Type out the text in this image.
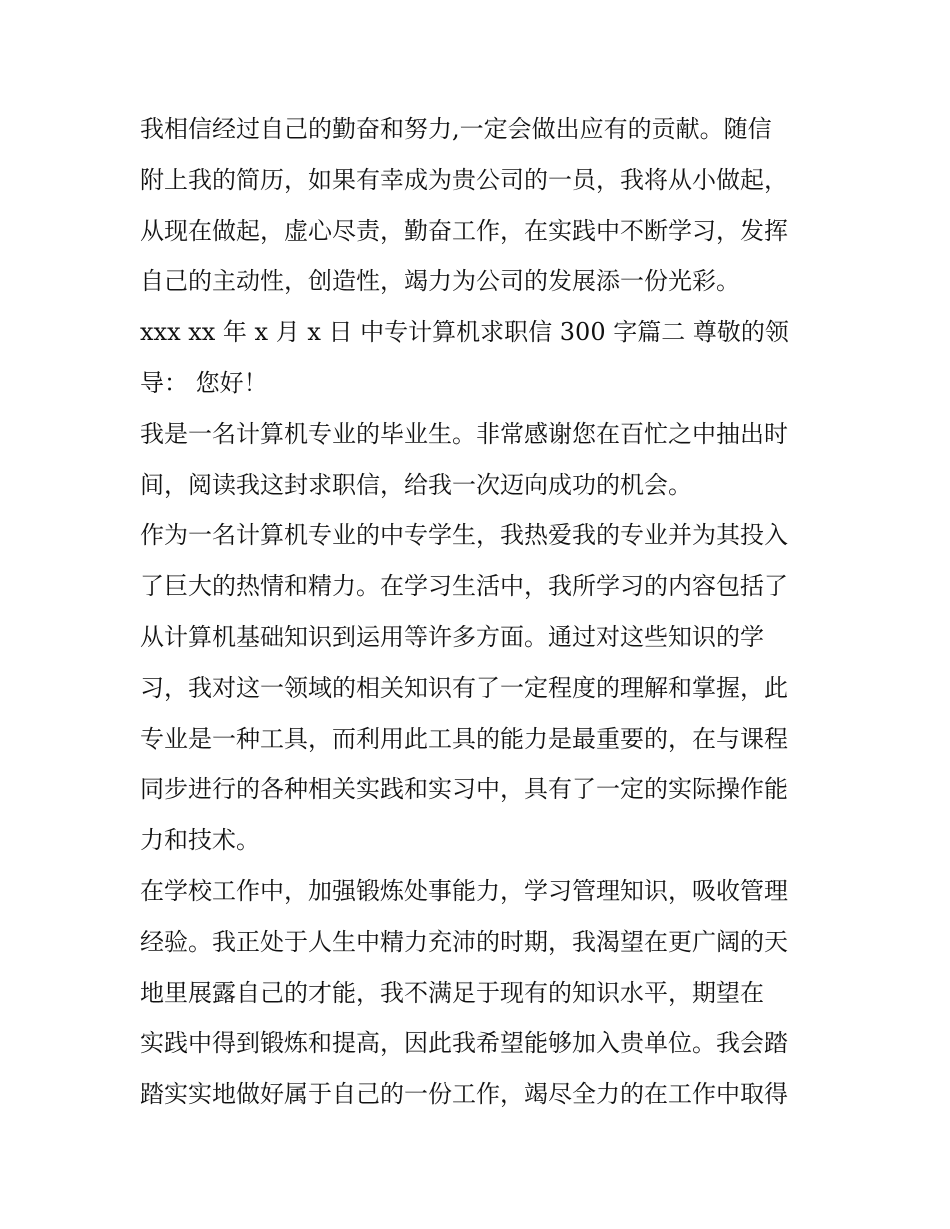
我相信经过自己的勤奋和努力,一定会做出应有的贡献。随信
附上我的简历，如果有幸成为贵公司的一员，我将从小做起，
从现在做起，虚心尽责，勤奋工作，在实践中不断学习，发挥
自己的主动性，创造性，竭力为公司的发展添一份光彩。
xxx xx 年 x 月 x 日 中专计算机求职信 300 字篇二 尊敬的领
导： 您好！
我是一名计算机专业的毕业生。非常感谢您在百忙之中抽出时
间，阅读我这封求职信，给我一次迈向成功的机会。
作为一名计算机专业的中专学生，我热爱我的专业并为其投入
了巨大的热情和精力。在学习生活中，我所学习的内容包括了
从计算机基础知识到运用等许多方面。通过对这些知识的学
习，我对这一领域的相关知识有了一定程度的理解和掌握，此
专业是一种工具，而利用此工具的能力是最重要的，在与课程
同步进行的各种相关实践和实习中，具有了一定的实际操作能
力和技术。
在学校工作中，加强锻炼处事能力，学习管理知识，吸收管理
经验。我正处于人生中精力充沛的时期，我渴望在更广阔的天
地里展露自己的才能，我不满足于现有的知识水平，期望在
实践中得到锻炼和提高，因此我希望能够加入贵单位。我会踏
踏实实地做好属于自己的一份工作，竭尽全力的在工作中取得
